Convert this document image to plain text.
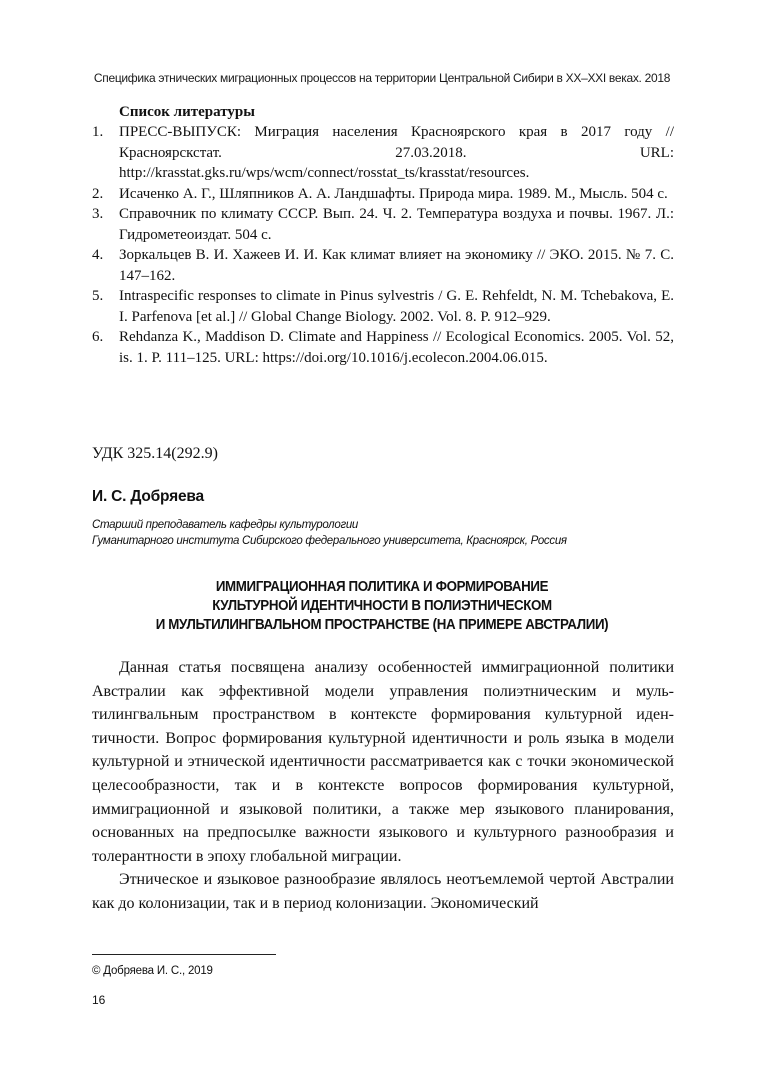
Специфика этнических миграционных процессов на территории Центральной Сибири в XX–XXI веках. 2018
Список литературы
1.	ПРЕСС-ВЫПУСК: Миграция населения Красноярского края в 2017 году // Красноярскстат. 27.03.2018. URL: http://krasstat.gks.ru/wps/wcm/connect/rosstat_ts/krasstat/resources.
2.	Исаченко А. Г., Шляпников А. А. Ландшафты. Природа мира. 1989. М., Мысль. 504 с.
3.	Справочник по климату СССР. Вып. 24. Ч. 2. Температура воздуха и почвы. 1967. Л.: Гидрометеоиздат. 504 с.
4.	Зоркальцев В. И. Хажеев И. И. Как климат влияет на экономику // ЭКО. 2015. № 7. С. 147–162.
5.	Intraspecific responses to climate in Pinus sylvestris / G. E. Rehfeldt, N. M. Tchebakova, E. I. Parfenova [et al.] // Global Change Biology. 2002. Vol. 8. P. 912–929.
6.	Rehdanza K., Maddison D. Climate and Happiness // Ecological Economics. 2005. Vol. 52, is. 1. P. 111–125. URL: https://doi.org/10.1016/j.ecolecon.2004.06.015.
УДК 325.14(292.9)
И. С. Добряева
Старший преподаватель кафедры культурологии
Гуманитарного института Сибирского федерального университета, Красноярск, Россия
ИММИГРАЦИОННАЯ ПОЛИТИКА И ФОРМИРОВАНИЕ
КУЛЬТУРНОЙ ИДЕНТИЧНОСТИ В ПОЛИЭТНИЧЕСКОМ
И МУЛЬТИЛИНГВАЛЬНОМ ПРОСТРАНСТВЕ (НА ПРИМЕРЕ АВСТРАЛИИ)

Данная статья посвящена анализу особенностей иммиграционной политики Австралии как эффективной модели управления полиэтническим и мультилингвальным пространством в контексте формирования культурной идентичности. Вопрос формирования культурной идентичности и роль языка в модели культурной и этнической идентичности рассматривается как с точки экономической целесообразности, так и в контексте вопросов формирования культурной, иммиграционной и языковой политики, а также мер языкового планирования, основанных на предпосылке важности языкового и культурного разнообразия и толерантности в эпоху глобальной миграции.

Этническое и языковое разнообразие являлось неотъемлемой чертой Австралии как до колонизации, так и в период колонизации. Экономический

© Добряева И. С., 2019
16
